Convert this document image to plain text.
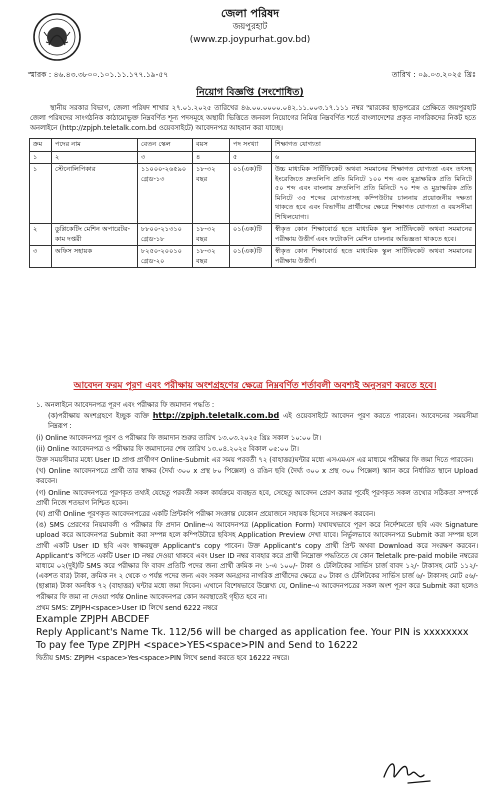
জেলা পরিষদ
জয়পুরহাট
(www.zp.joypurhat.gov.bd)
স্মারক : ৪৬.৪৩.৩৮০০.১০১.১১.১৭৭.১৯-৫৭	তারিখ : ০৯.০৩.২০২৫ খ্রিঃ
নিয়োগ বিজ্ঞপ্তি (সংশোধিত)
স্থানীয় সরকার বিভাগ, জেলা পরিষদ শাখার ২৭.০১.২০২৫ তারিখের ৪৬.০০.০০০০.০৪২.১১.০০৩.১৭.১১১ নম্বর স্মারকের ছাড়পত্রের প্রেক্ষিতে জয়পুরহাট জেলা পরিষদের সাংগঠনিক কাঠামোভুক্ত নিম্নবর্ণিত শূন্য পদসমূহে অস্থায়ী ভিত্তিতে জনবল নিয়োগের নিমিত্ত নিম্নবর্ণিত শর্তে বাংলাদেশের প্রকৃত নাগরিকদের নিকট হতে অনলাইনে (http://zpjph.teletalk.com.bd ওয়েবসাইটে) আবেদনপত্র আহবান করা যাচ্ছে।
ক্রম	পদের নাম	বেতন স্কেল	বয়স	পদ সংখ্যা	শিক্ষাগত যোগ্যতা
১	২	৩	৪	৫	৬
১	স্টেনোলিপিকার	১১০০০-২৬৫৯০ গ্রেড-১৩	১৮-৩২ বছর	০১(এক)টি	উচ্চ মাধ্যমিক সার্টিফিকেট অথবা সমমানের শিক্ষাগত যোগ্যতা এবং তৎসহ ইংরেজিতে দ্রুতলিপি প্রতি মিনিটে ১০০ শব্দ এবং মুদ্রাক্ষরিক প্রতি মিনিটে ৫০ শব্দ এবং বাংলায় দ্রুতলিপি প্রতি মিনিটে ৭০ শব্দ ও মুদ্রাক্ষরিক প্রতি মিনিটে ৩৫ শব্দের যোগ্যতাসহ কম্পিউটার চালনায় প্রয়োজনীয় দক্ষতা থাকতে হবে এবং বিভাগীয় প্রার্থীদের ক্ষেত্রে শিক্ষাগত যোগ্যতা ও বয়সসীমা শিথিলযোগ্য।
২	ডুপ্লিকেটিং মেশিন অপারেটর-কাম দপ্তরী	৮৮০০-২১৩১০ গ্রেড-১৮	১৮-৩২ বছর	০১(এক)টি	স্বীকৃত কোন শিক্ষাবোর্ড হতে মাধ্যমিক স্কুল সার্টিফিকেট অথবা সমমানের পরীক্ষায় উত্তীর্ণ এবং ফটোকপি মেশিন চালনার অভিজ্ঞতা থাকতে হবে।
৩	অফিস সহায়ক	৮২৫০-২০০১০ গ্রেড-২০	১৮-৩২ বছর	০১(এক)টি	স্বীকৃত কোন শিক্ষাবোর্ড হতে মাধ্যমিক স্কুল সার্টিফিকেট অথবা সমমানের পরীক্ষায় উত্তীর্ণ।
আবেদন ফরম পূরণ এবং পরীক্ষায় অংশগ্রহণের ক্ষেত্রে নিম্নবর্ণিত শর্তাবলী অবশ্যই অনুসরণ করতে হবে।
১. অনলাইনে আবেদনপত্র পূরণ এবং পরীক্ষার ফি জমাদান পদ্ধতি :
(ক)পরীক্ষায় অংশগ্রহণে ইচ্ছুক ব্যক্তি http://zpjph.teletalk.com.bd এই ওয়েবসাইটে আবেদন পূরণ করতে পারবেন। আবেদনের সময়সীমা নিম্নরূপ :
(i) Online আবেদনপত্র পূরণ ও পরীক্ষার ফি জমাদান শুরুর তারিখ ১৩.০৩.২০২৫ খ্রিঃ সকাল ১০:০০ টা।
(ii) Online আবেদনপত্র ও পরীক্ষার ফি জমাদানের শেষ তারিখ ১৩.০৪.২০২৫ বিকাল ০৫:০০ টা।
উক্ত সময়সীমার মধ্যে User ID প্রাপ্ত প্রার্থীগণ Online-Submit এর সময় পরবর্তী ৭২ (বাহাত্তর)ঘন্টার মধ্যে এসএমএস এর মাধ্যমে পরীক্ষার ফি জমা দিতে পারবেন।
(খ) Online আবেদনপত্রে প্রার্থী তার স্বাক্ষর (দৈর্ঘ্য ৩০০ x প্রস্থ ৮০ পিক্সেল) ও রঙিন ছবি (দৈর্ঘ্য ৩০০ x প্রস্থ ৩০০ পিক্সেল) স্ক্যান করে নির্ধারিত স্থানে Upload করবেন।
(গ) Online আবেদনপত্রে পূরণকৃত তথ্যই যেহেতু পরবর্তী সকল কার্যক্রমে ব্যবহৃত হবে, সেহেতু আবেদন প্রেরণ করার পূর্বেই পূরণকৃত সকল তথ্যের সঠিকতা সম্পর্কে প্রার্থী নিজে শতভাগ নিশ্চিত হবেন।
(ঘ) প্রার্থী Online পূরণকৃত আবেদনপত্রের একটি প্রিন্টকপি পরীক্ষা সংক্রান্ত যেকোন প্রয়োজনে সহায়ক হিসেবে সংরক্ষণ করবেন।
(ঙ) SMS প্রেরণের নিয়মাবলী ও পরীক্ষার ফি প্রদান Online-এ আবেদনপত্র (Application Form) যথাযথভাবে পূরণ করে নির্দেশমতো ছবি এবং Signature upload করে আবেদনপত্র Submit করা সম্পন্ন হলে কম্পিউটারে ছবিসহ Application Preview দেখা যাবে। নির্ভুলভাবে আবেদনপত্র Submit করা সম্পন্ন হলে প্রার্থী একটি User ID ছবি এবং স্বাক্ষরযুক্ত Applicant's copy পাবেন। উক্ত Applicant's copy প্রার্থী প্রিন্ট অথবা Download করে সংরক্ষণ করবেন। Applicant's কপিতে একটি User ID নম্বর দেওয়া থাকবে এবং User ID নম্বর ব্যবহার করে প্রার্থী নিম্নোক্ত পদ্ধতিতে যে কোন Teletalk pre-paid mobile নম্বরের মাধ্যমে ০২(দুই)টি SMS করে পরীক্ষার ফি বাবদ প্রতিটি পদের জন্য প্রার্থী ক্রমিক নং ১-এ ১০০/- টাকা ও টেলিটকের সার্ভিস চার্জ বাবদ ১২/- টাকাসহ মোট ১১২/- (একশত বার) টাকা, ক্রমিক নং ২ থেকে ৩ পর্যন্ত পদের জন্য এবং সকল অনগ্রসর নাগরিক প্রার্থীদের ক্ষেত্রে ৫০ টাকা ও টেলিটকের সার্ভিস চার্জ ৬/- টাকাসহ মোট ৫৬/- (ছাপ্পান্ন) টাকা অনধিক ৭২ (বাহাত্তর) ঘন্টার মধ্যে জমা দিবেন। এখানে বিশেষভাবে উল্লেখ্য যে, Online-এ আবেদনপত্রের সকল অংশ পূরণ করে Submit করা হলেও পরীক্ষার ফি জমা না দেওয়া পর্যন্ত Online আবেদনপত্র কোন অবস্থাতেই গৃহীত হবে না।
প্রথম SMS: ZPJPH<space>User ID লিখে send 6222 নম্বরে
Example ZPJPH ABCDEF
Reply Applicant's Name Tk. 112/56 will be charged as application fee. Your PIN is xxxxxxxx
To pay fee Type ZPJPH <space>YES<space>PIN and Send to 16222
দ্বিতীয় SMS: ZPJPH <space>Yes<space>PIN লিখে send করতে হবে 16222 নম্বরে।
